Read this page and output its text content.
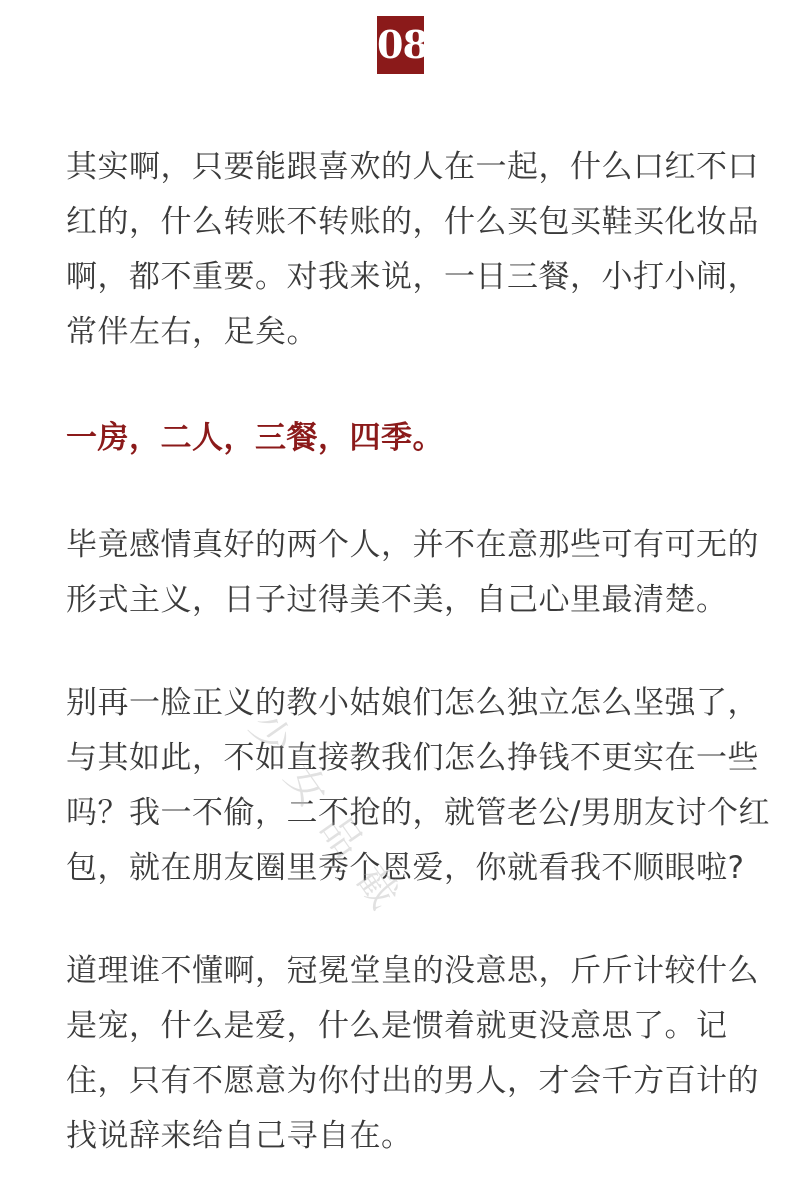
08

其实啊，只要能跟喜欢的人在一起，什么口红不口
红的，什么转账不转账的，什么买包买鞋买化妆品
啊，都不重要。对我来说，一日三餐，小打小闹，
常伴左右，足矣。

一房，二人，三餐，四季。

毕竟感情真好的两个人，并不在意那些可有可无的
形式主义，日子过得美不美，自己心里最清楚。

别再一脸正义的教小姑娘们怎么独立怎么坚强了，
与其如此，不如直接教我们怎么挣钱不更实在一些
吗？我一不偷，二不抢的，就管老公/男朋友讨个红
包，就在朋友圈里秀个恩爱，你就看我不顺眼啦?

道理谁不懂啊，冠冕堂皇的没意思，斤斤计较什么
是宠，什么是爱，什么是惯着就更没意思了。记
住，只有不愿意为你付出的男人，才会千方百计的
找说辞来给自己寻自在。

少女品截
